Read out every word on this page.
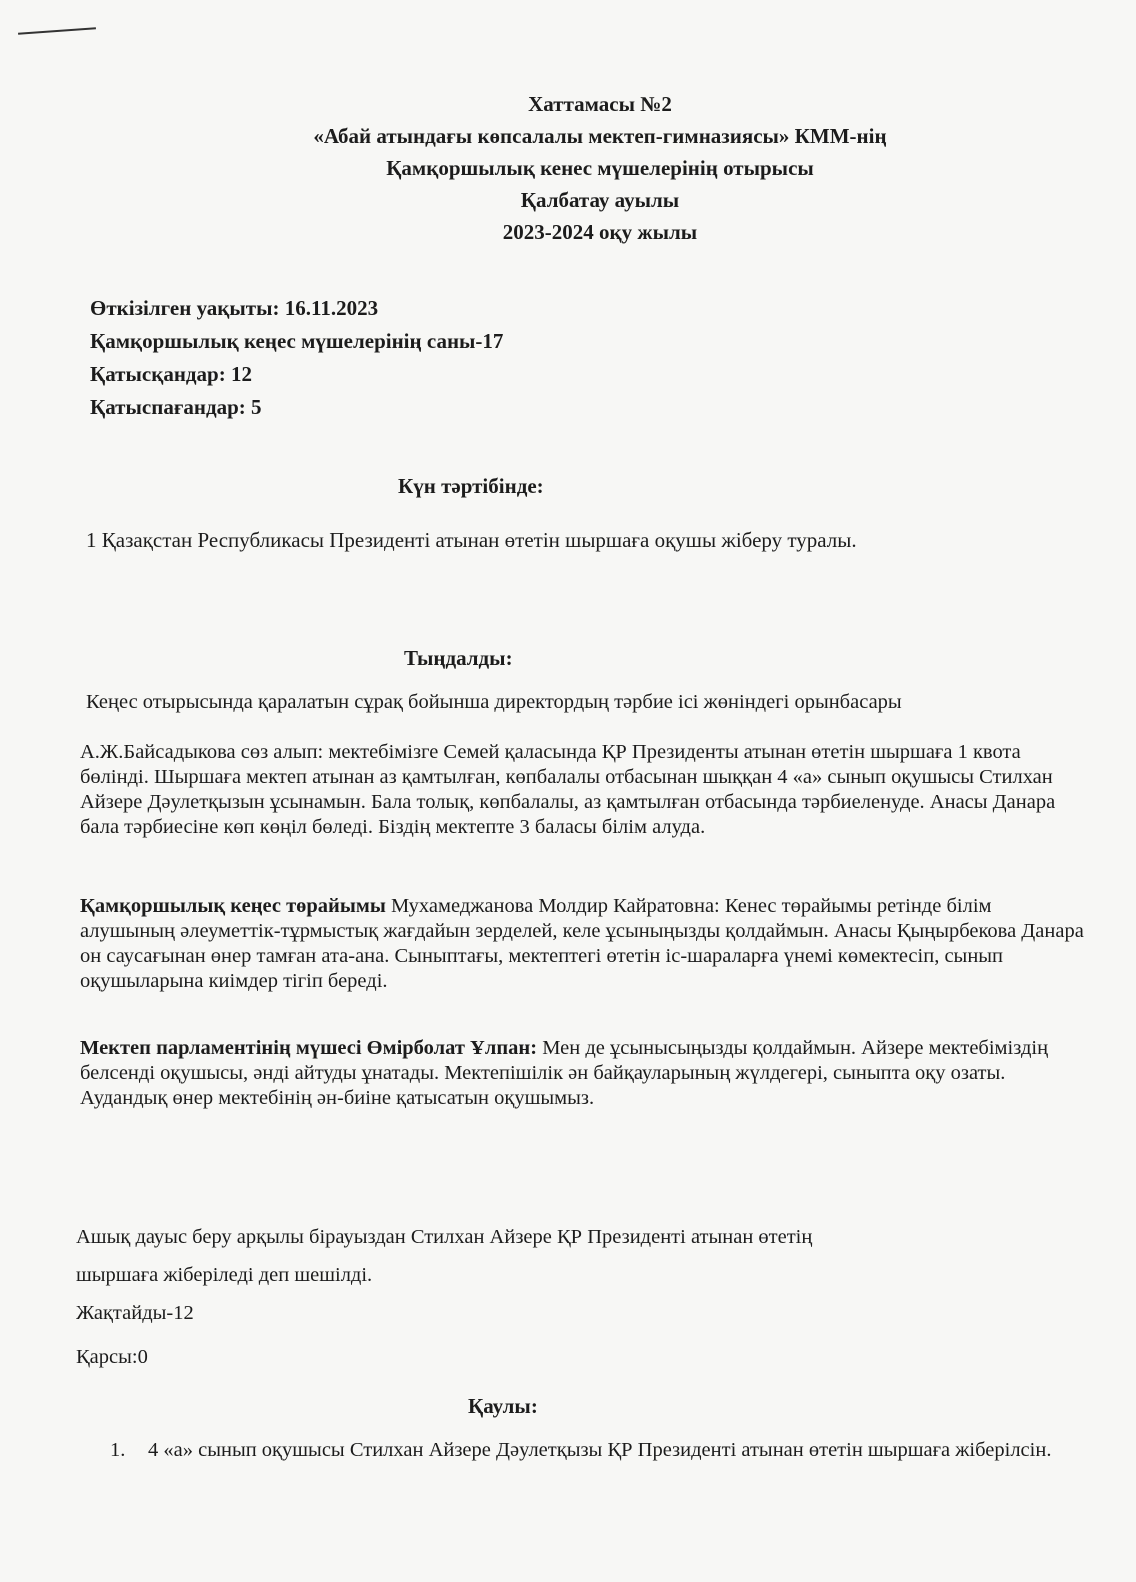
Хаттамасы №2
«Абай атындағы көпсалалы мектеп-гимназиясы» КММ-нің
Қамқоршылық кенес мүшелерінің отырысы
Қалбатау ауылы
2023-2024 оқу жылы
Өткізілген уақыты: 16.11.2023
Қамқоршылық кеңес мүшелерінің саны-17
Қатысқандар: 12
Қатыспағандар: 5
Күн тәртібінде:
1 Қазақстан Республикасы Президенті атынан өтетін шыршаға оқушы жіберу туралы.
Тыңдалды:
Кеңес отырысында қаралатын сұрақ бойынша директордың тәрбие ісі жөніндегі орынбасары
А.Ж.Байсадыкова сөз алып: мектебімізге Семей қаласында ҚР Президенты атынан өтетін шыршаға 1 квота бөлінді. Шыршаға мектеп атынан аз қамтылған, көпбалалы отбасынан шыққан 4 «а» сынып оқушысы Стилхан Айзере Дәулетқызын ұсынамын. Бала толық, көпбалалы, аз қамтылған отбасында тәрбиеленуде. Анасы Данара бала тәрбиесіне көп көңіл бөледі. Біздің мектепте 3 баласы білім алуда.
Қамқоршылық кеңес төрайымы Мухамеджанова Молдир Кайратовна: Кенес төрайымы ретінде білім алушының әлеуметтік-тұрмыстық жағдайын зерделей, келе ұсыныңызды қолдаймын. Анасы Қыңырбекова Данара он саусағынан өнер тамған ата-ана. Сыныптағы, мектептегі өтетін іс-шараларға үнемі көмектесіп, сынып оқушыларына киімдер тігіп береді.
Мектеп парламентінің мүшесі Өмірболат Ұлпан: Мен де ұсынысыңызды қолдаймын. Айзере мектебіміздің белсенді оқушысы, әнді айтуды ұнатады. Мектепішілік ән байқауларының жүлдегері, сыныпта оқу озаты. Аудандық өнер мектебінің ән-биіне қатысатын оқушымыз.
Ашық дауыс беру арқылы бірауыздан Стилхан Айзере ҚР Президенті атынан өтетің
шыршаға жіберіледі деп шешілді.
Жақтайды-12
Қарсы:0
Қаулы:
1. 4 «а» сынып оқушысы Стилхан Айзере Дәулетқызы ҚР Президенті атынан өтетін шыршаға жіберілсін.
